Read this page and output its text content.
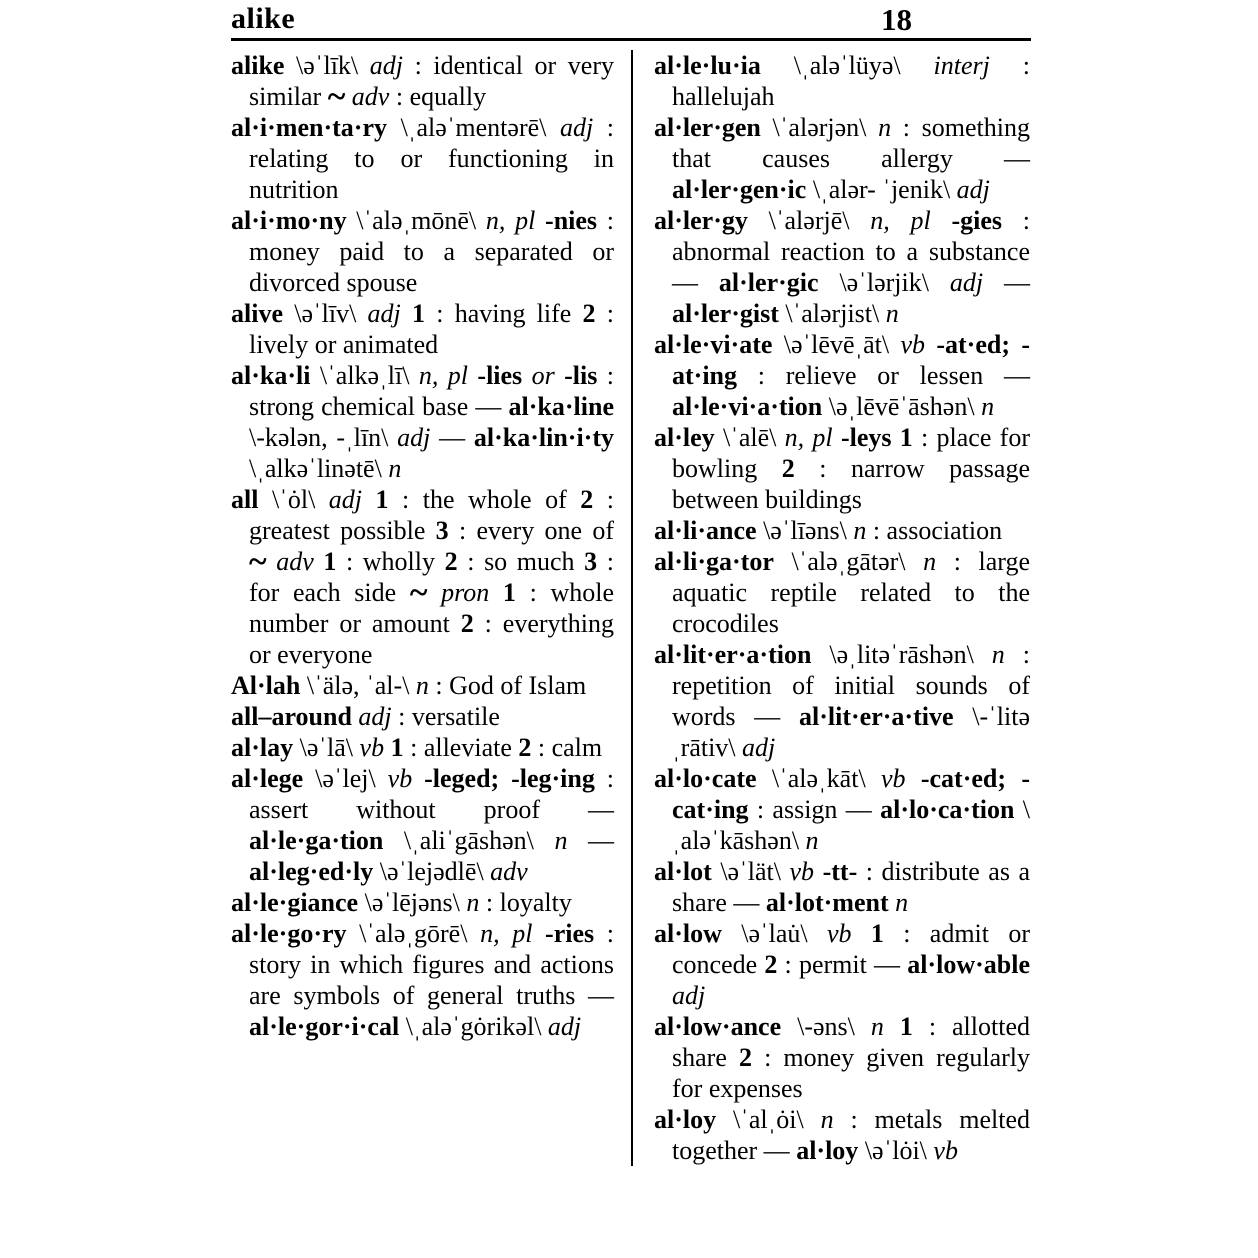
alike	18

alike \əˈlīk\ adj : identical or very similar ~ adv : equally

al·i·men·ta·ry \ˌaləˈmentərē\ adj : relating to or functioning in nutrition

al·i·mo·ny \ˈaləˌmōnē\ n, pl -nies : money paid to a separated or divorced spouse

alive \əˈlīv\ adj 1 : having life 2 : lively or animated

al·ka·li \ˈalkəˌlī\ n, pl -lies or -lis : strong chemical base — al·ka·line \-kələn, -ˌlīn\ adj — al·ka·lin·i·ty \ˌalkəˈlinətē\ n

all \ˈȯl\ adj 1 : the whole of 2 : greatest possible 3 : every one of ~ adv 1 : wholly 2 : so much 3 : for each side ~ pron 1 : whole number or amount 2 : everything or everyone

Al·lah \ˈälə, ˈal-\ n : God of Islam

all–around adj : versatile

al·lay \əˈlā\ vb 1 : alleviate 2 : calm

al·lege \əˈlej\ vb -leged; -leg·ing : assert without proof — al·le·ga·tion \ˌaliˈgāshən\ n — al·leg·ed·ly \əˈlejədlē\ adv

al·le·giance \əˈlējəns\ n : loyalty

al·le·go·ry \ˈaləˌgōrē\ n, pl -ries : story in which figures and actions are symbols of general truths — al·le·gor·i·cal \ˌaləˈgȯrikəl\ adj

al·le·lu·ia \ˌaləˈlüyə\ interj : hallelujah

al·ler·gen \ˈalərjən\ n : something that causes allergy — al·ler·gen·ic \ˌalər- ˈjenik\ adj

al·ler·gy \ˈalərjē\ n, pl -gies : abnormal reaction to a substance — al·ler·gic \əˈlərjik\ adj — al·ler·gist \ˈalərjist\ n

al·le·vi·ate \əˈlēvēˌāt\ vb -at·ed; -at·ing : relieve or lessen — al·le·vi·a·tion \əˌlēvēˈāshən\ n

al·ley \ˈalē\ n, pl -leys 1 : place for bowling 2 : narrow passage between buildings

al·li·ance \əˈlīəns\ n : association

al·li·ga·tor \ˈaləˌgātər\ n : large aquatic reptile related to the crocodiles

al·lit·er·a·tion \əˌlitəˈrāshən\ n : repetition of initial sounds of words — al·lit·er·a·tive \-ˈlitəˌrātiv\ adj

al·lo·cate \ˈaləˌkāt\ vb -cat·ed; -cat·ing : assign — al·lo·ca·tion \ˌaləˈkāshən\ n

al·lot \əˈlät\ vb -tt- : distribute as a share — al·lot·ment n

al·low \əˈlau̇\ vb 1 : admit or concede 2 : permit — al·low·able adj

al·low·ance \-əns\ n 1 : allotted share 2 : money given regularly for expenses

al·loy \ˈalˌȯi\ n : metals melted together — al·loy \əˈlȯi\ vb
